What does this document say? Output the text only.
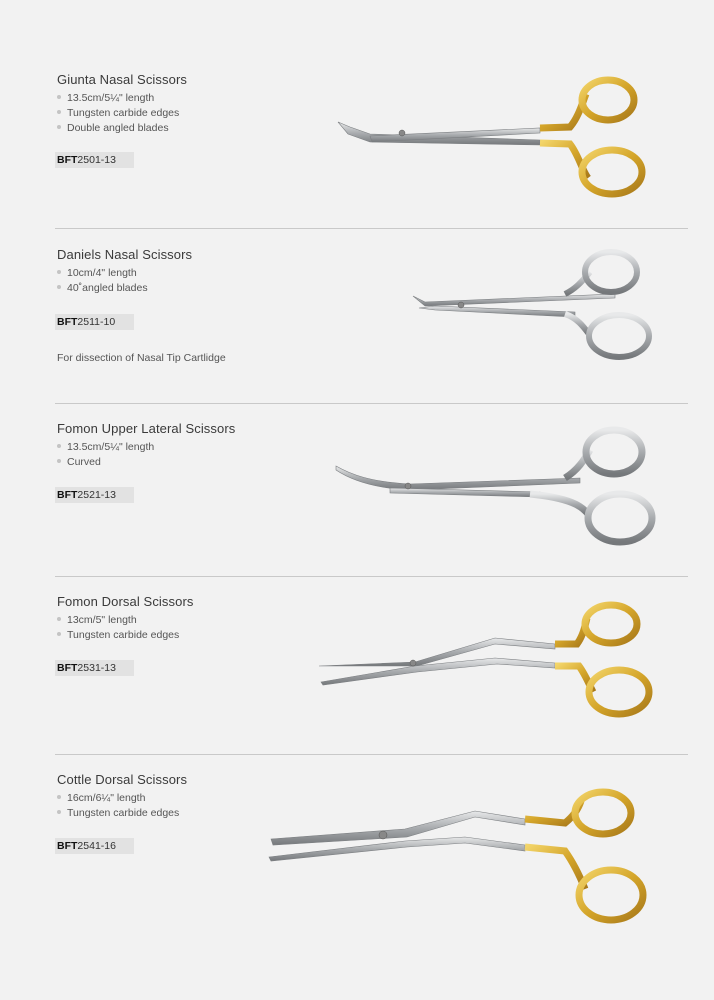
Giunta Nasal Scissors
13.5cm/5¼" length
Tungsten carbide edges
Double angled blades
BFT2501-13
Daniels Nasal Scissors
10cm/4" length
40˚angled blades
BFT2511-10
For dissection of Nasal Tip Cartlidge
Fomon Upper Lateral Scissors
13.5cm/5¼" length
Curved
BFT2521-13
Fomon Dorsal Scissors
13cm/5" length
Tungsten carbide edges
BFT2531-13
Cottle Dorsal Scissors
16cm/6¼" length
Tungsten carbide edges
BFT2541-16
